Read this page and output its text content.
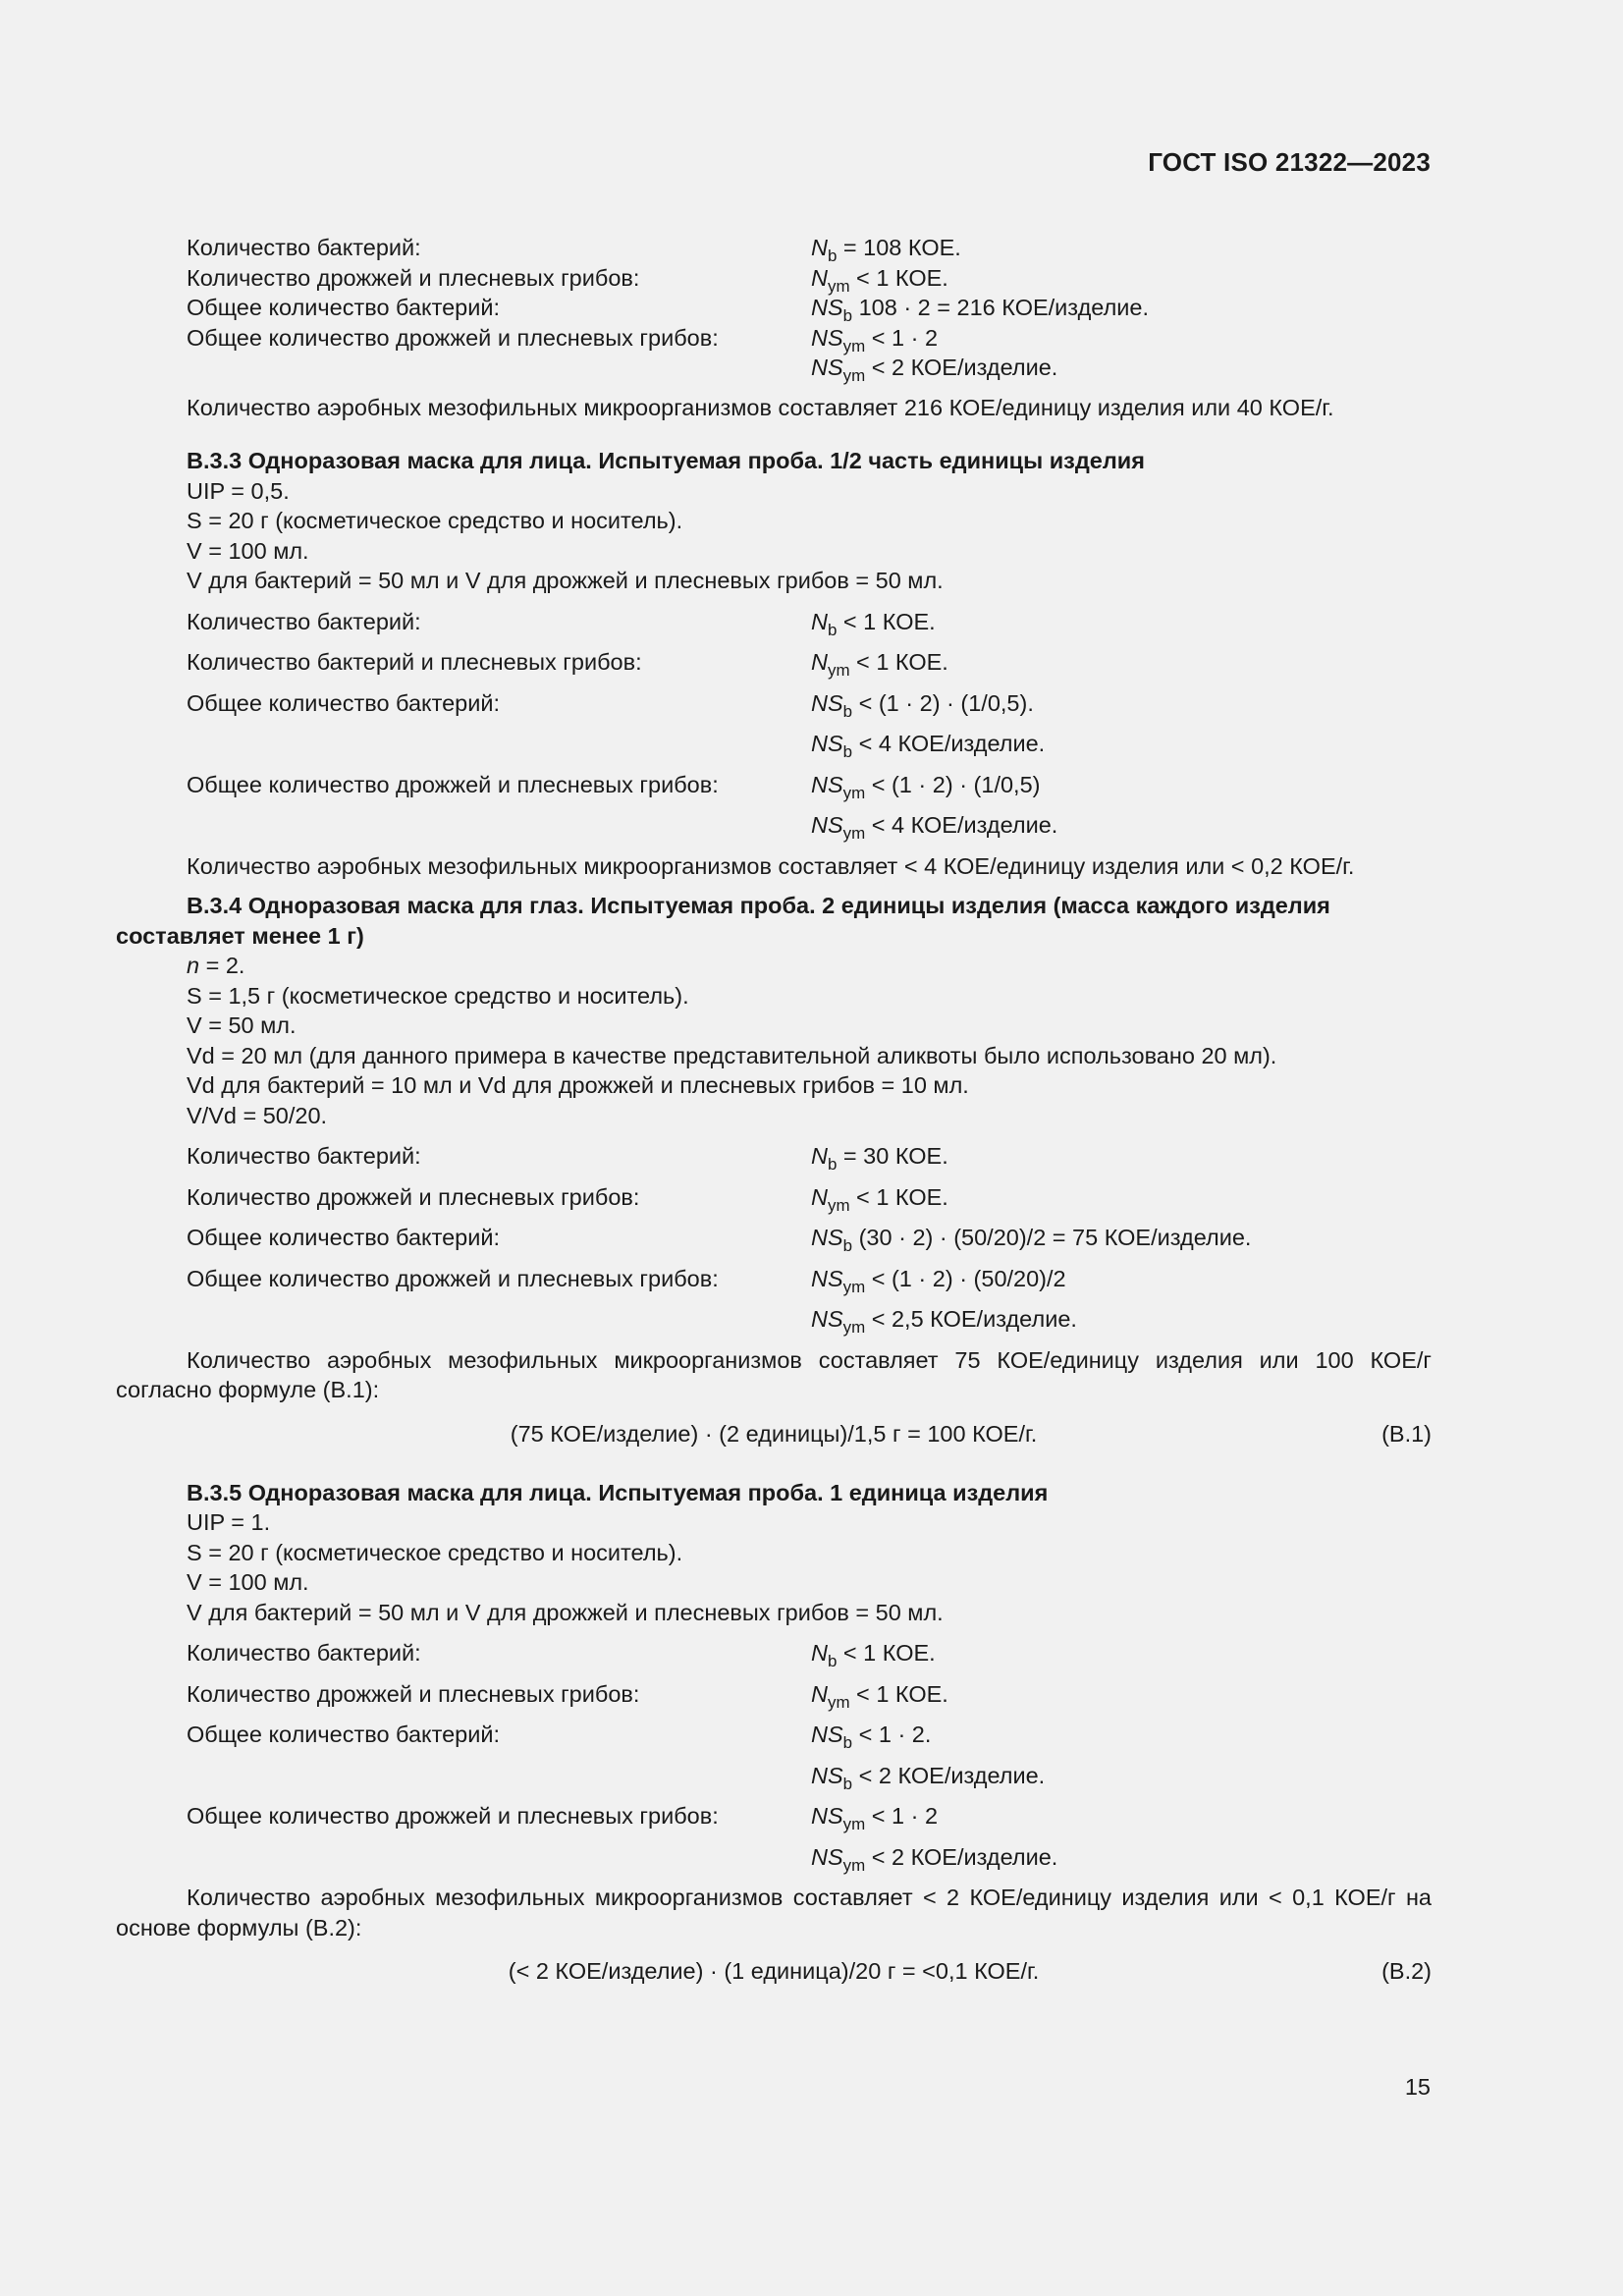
ГОСТ ISO 21322—2023
Количество бактерий:	$N_b = 108$ КОЕ.
Количество дрожжей и плесневых грибов:	$N_{ym} < 1$ КОЕ.
Общее количество бактерий:	$NS_b$ 108 · 2 = 216 КОЕ/изделие.
Общее количество дрожжей и плесневых грибов:	$NS_{ym} < 1 \cdot 2$
$NS_{ym} < 2$ КОЕ/изделие.
Количество аэробных мезофильных микроорганизмов составляет 216 КОЕ/единицу изделия или 40 КОЕ/г.
В.3.3 Одноразовая маска для лица. Испытуемая проба. 1/2 часть единицы изделия
UIP = 0,5.
S = 20 г (косметическое средство и носитель).
V = 100 мл.
V для бактерий = 50 мл и V для дрожжей и плесневых грибов = 50 мл.
Количество бактерий:	$N_b < 1$ КОЕ.
Количество бактерий и плесневых грибов:	$N_{ym} < 1$ КОЕ.
Общее количество бактерий:	$NS_b < (1 \cdot 2) \cdot (1/0,5)$.
$NS_b < 4$ КОЕ/изделие.
Общее количество дрожжей и плесневых грибов:	$NS_{ym} < (1 \cdot 2) \cdot (1/0,5)$
$NS_{ym} < 4$ КОЕ/изделие.
Количество аэробных мезофильных микроорганизмов составляет < 4 КОЕ/единицу изделия или < 0,2 КОЕ/г.
В.3.4 Одноразовая маска для глаз. Испытуемая проба. 2 единицы изделия (масса каждого изделия составляет менее 1 г)
n = 2.
S = 1,5 г (косметическое средство и носитель).
V = 50 мл.
Vd = 20 мл (для данного примера в качестве представительной аликвоты было использовано 20 мл).
Vd для бактерий = 10 мл и Vd для дрожжей и плесневых грибов = 10 мл.
V/Vd = 50/20.
Количество бактерий:	$N_b = 30$ КОЕ.
Количество дрожжей и плесневых грибов:	$N_{ym} < 1$ КОЕ.
Общее количество бактерий:	$NS_b$ (30 · 2) · (50/20)/2 = 75 КОЕ/изделие.
Общее количество дрожжей и плесневых грибов:	$NS_{ym} < (1 \cdot 2) \cdot (50/20)/2$
$NS_{ym} < 2,5$ КОЕ/изделие.
Количество аэробных мезофильных микроорганизмов составляет 75 КОЕ/единицу изделия или 100 КОЕ/г согласно формуле (В.1):
(75 КОЕ/изделие) · (2 единицы)/1,5 г = 100 КОЕ/г.	(В.1)
В.3.5 Одноразовая маска для лица. Испытуемая проба. 1 единица изделия
UIP = 1.
S = 20 г (косметическое средство и носитель).
V = 100 мл.
V для бактерий = 50 мл и V для дрожжей и плесневых грибов = 50 мл.
Количество бактерий:	$N_b < 1$ КОЕ.
Количество дрожжей и плесневых грибов:	$N_{ym} < 1$ КОЕ.
Общее количество бактерий:	$NS_b < 1 \cdot 2$.
$NS_b < 2$ КОЕ/изделие.
Общее количество дрожжей и плесневых грибов:	$NS_{ym} < 1 \cdot 2$
$NS_{ym} < 2$ КОЕ/изделие.
Количество аэробных мезофильных микроорганизмов составляет < 2 КОЕ/единицу изделия или < 0,1 КОЕ/г на основе формулы (В.2):
(< 2 КОЕ/изделие) · (1 единица)/20 г = <0,1 КОЕ/г.	(В.2)
15
